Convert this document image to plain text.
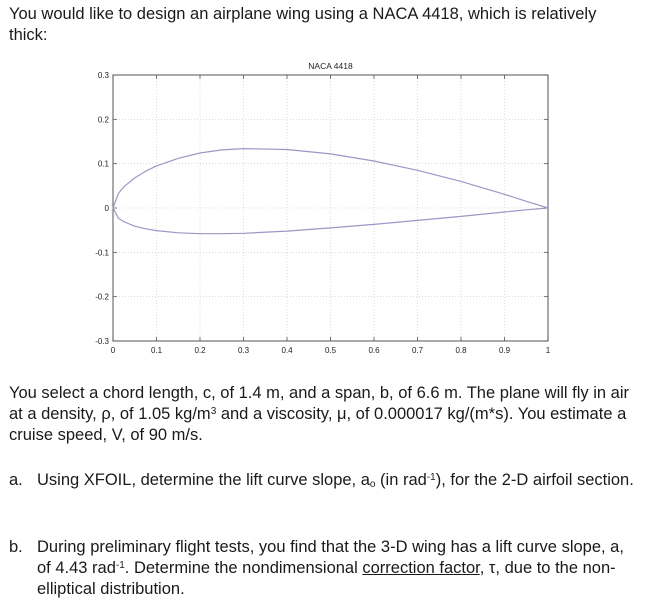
You would like to design an airplane wing using a NACA 4418, which is relatively thick:

0	0.1	0.2	0.3	0.4	0.5	0.6	0.7	0.8	0.9	1
0.3
0.2
0.1
0
-0.1
-0.2
-0.3
NACA 4418

You select a chord length, c, of 1.4 m, and a span, b, of 6.6 m. The plane will fly in air at a density, ρ, of 1.05 $kg/m^3$ and a viscosity, μ, of 0.000017 kg/(m*s). You estimate a cruise speed, V, of 90 m/s.

a. Using XFOIL, determine the lift curve slope, $a_o$ (in rad$^{-1}$), for the 2-D airfoil section.
b. During preliminary flight tests, you find that the 3-D wing has a lift curve slope, a, of 4.43 rad$^{-1}$. Determine the nondimensional correction factor, τ, due to the non-elliptical distribution.
